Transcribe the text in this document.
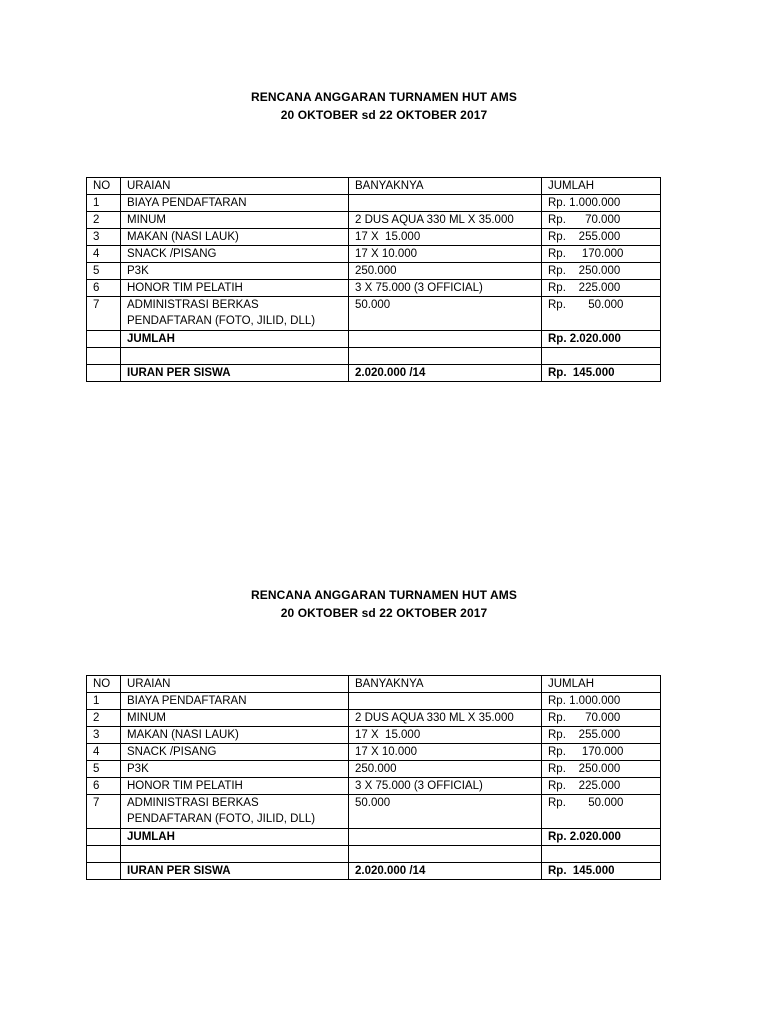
RENCANA ANGGARAN TURNAMEN HUT AMS
20 OKTOBER sd 22 OKTOBER 2017
NO	URAIAN	BANYAKNYA	JUMLAH
1	BIAYA PENDAFTARAN		Rp. 1.000.000
2	MINUM	2 DUS AQUA 330 ML X 35.000	Rp.      70.000
3	MAKAN (NASI LAUK)	17 X  15.000	Rp.    255.000
4	SNACK /PISANG	17 X 10.000	Rp.     170.000
5	P3K	250.000	Rp.    250.000
6	HONOR TIM PELATIH	3 X 75.000 (3 OFFICIAL)	Rp.    225.000
7	ADMINISTRASI BERKAS
PENDAFTARAN (FOTO, JILID, DLL)	50.000	Rp.       50.000
	JUMLAH		Rp. 2.020.000

	IURAN PER SISWA	2.020.000 /14	Rp.  145.000
RENCANA ANGGARAN TURNAMEN HUT AMS
20 OKTOBER sd 22 OKTOBER 2017
NO	URAIAN	BANYAKNYA	JUMLAH
1	BIAYA PENDAFTARAN		Rp. 1.000.000
2	MINUM	2 DUS AQUA 330 ML X 35.000	Rp.      70.000
3	MAKAN (NASI LAUK)	17 X  15.000	Rp.    255.000
4	SNACK /PISANG	17 X 10.000	Rp.     170.000
5	P3K	250.000	Rp.    250.000
6	HONOR TIM PELATIH	3 X 75.000 (3 OFFICIAL)	Rp.    225.000
7	ADMINISTRASI BERKAS
PENDAFTARAN (FOTO, JILID, DLL)	50.000	Rp.       50.000
	JUMLAH		Rp. 2.020.000

	IURAN PER SISWA	2.020.000 /14	Rp.  145.000
